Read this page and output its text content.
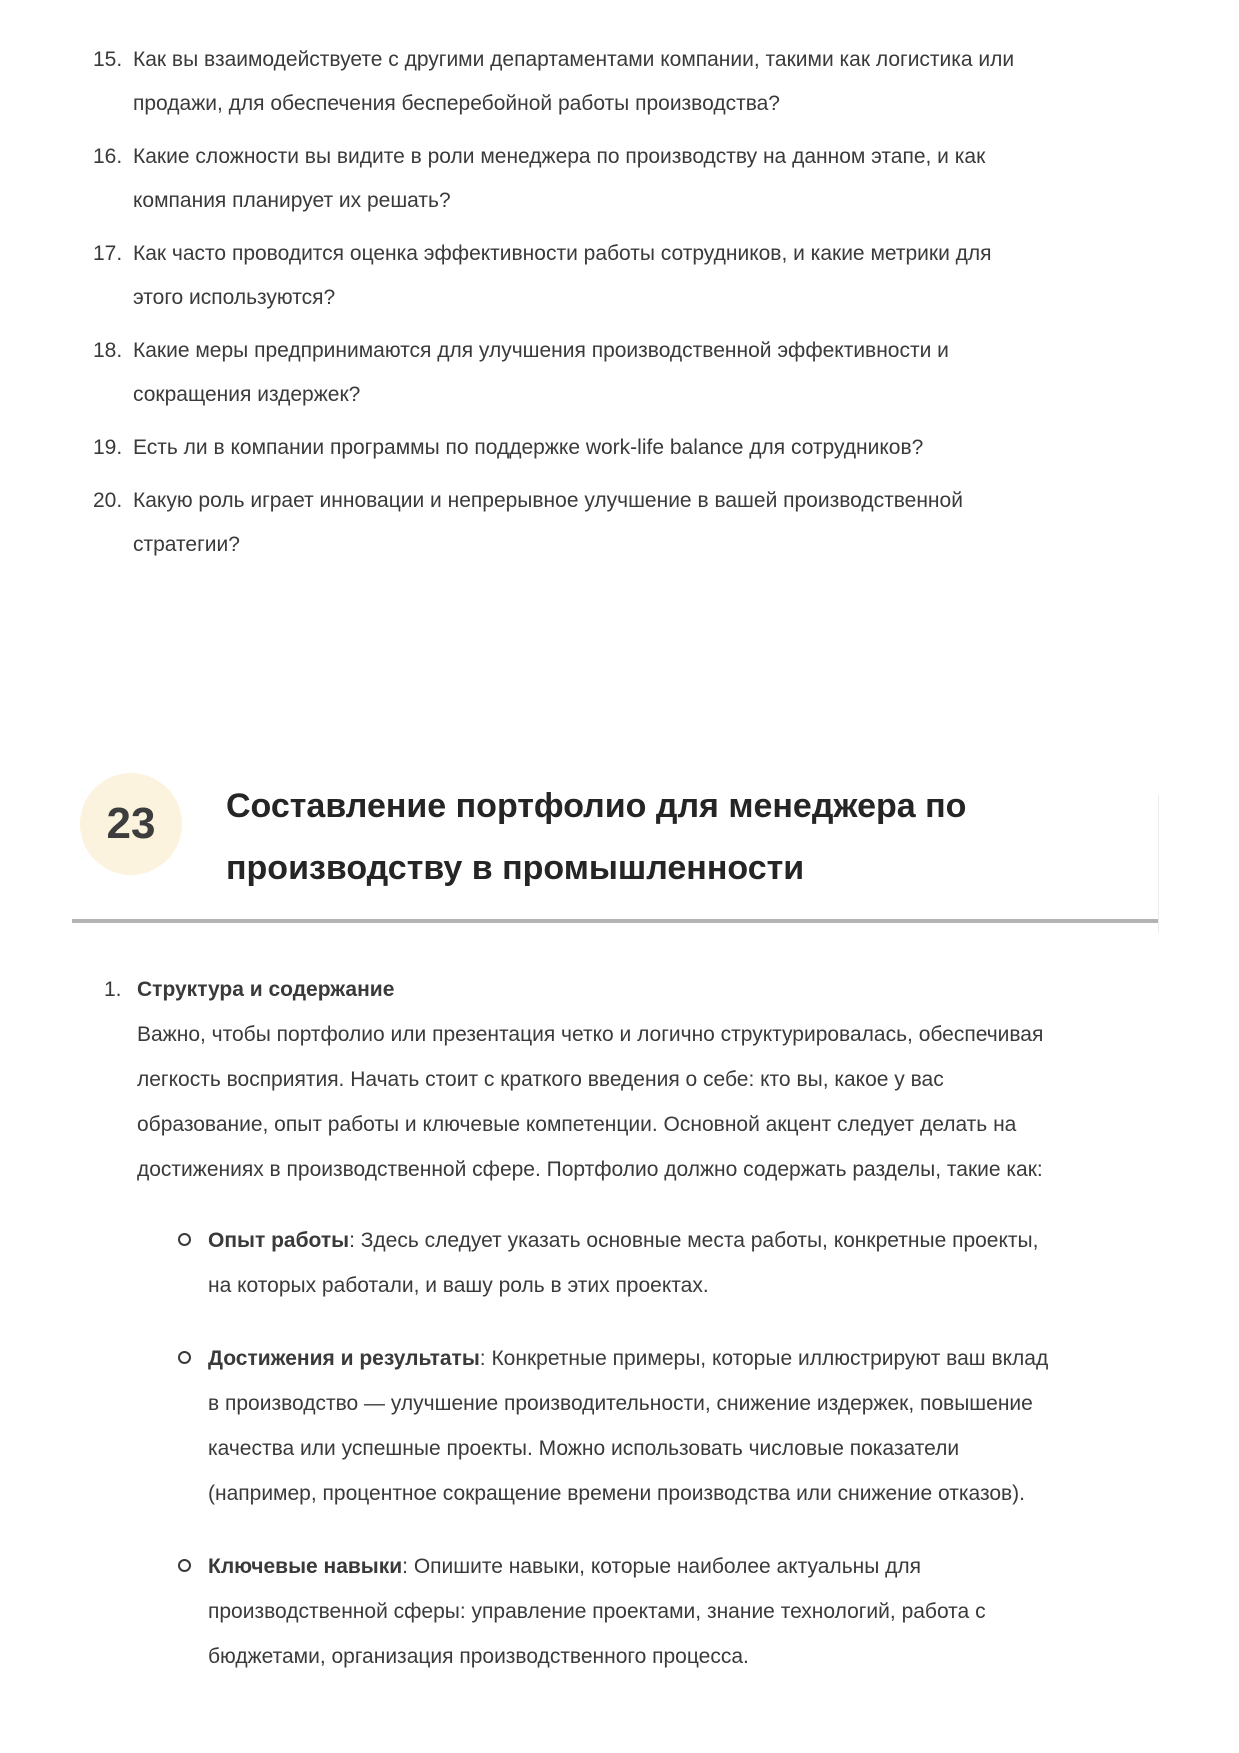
15. Как вы взаимодействуете с другими департаментами компании, такими как логистика или продажи, для обеспечения бесперебойной работы производства?
16. Какие сложности вы видите в роли менеджера по производству на данном этапе, и как компания планирует их решать?
17. Как часто проводится оценка эффективности работы сотрудников, и какие метрики для этого используются?
18. Какие меры предпринимаются для улучшения производственной эффективности и сокращения издержек?
19. Есть ли в компании программы по поддержке work-life balance для сотрудников?
20. Какую роль играет инновации и непрерывное улучшение в вашей производственной стратегии?
23	Составление портфолио для менеджера по производству в промышленности
1. Структура и содержание

Важно, чтобы портфолио или презентация четко и логично структурировалась, обеспечивая легкость восприятия. Начать стоит с краткого введения о себе: кто вы, какое у вас образование, опыт работы и ключевые компетенции. Основной акцент следует делать на достижениях в производственной сфере. Портфолио должно содержать разделы, такие как:

Опыт работы: Здесь следует указать основные места работы, конкретные проекты, на которых работали, и вашу роль в этих проектах.
Достижения и результаты: Конкретные примеры, которые иллюстрируют ваш вклад в производство — улучшение производительности, снижение издержек, повышение качества или успешные проекты. Можно использовать числовые показатели (например, процентное сокращение времени производства или снижение отказов).
Ключевые навыки: Опишите навыки, которые наиболее актуальны для производственной сферы: управление проектами, знание технологий, работа с бюджетами, организация производственного процесса.
